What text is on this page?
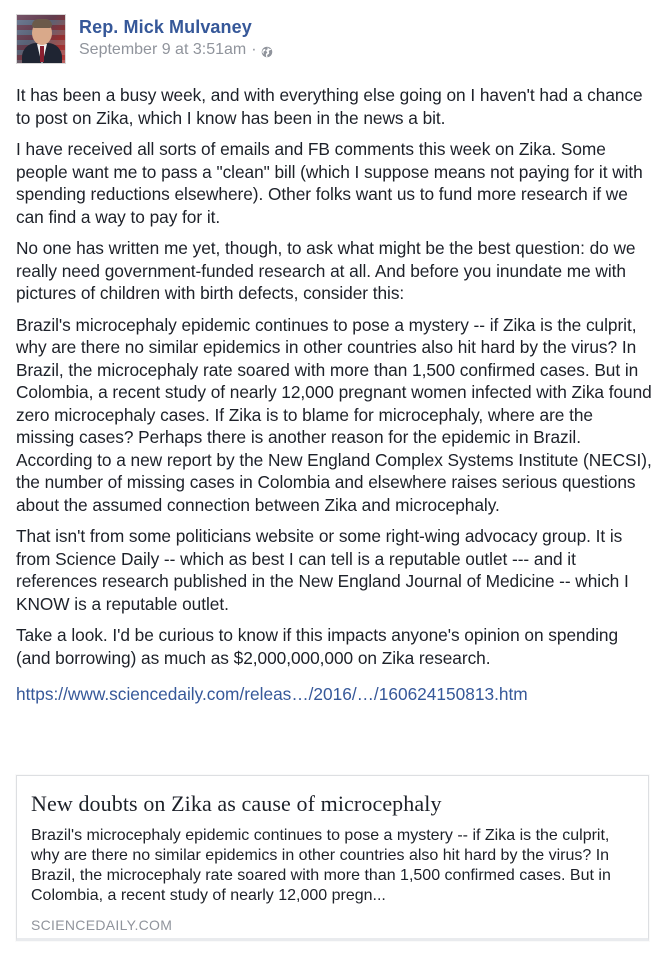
Rep. Mick Mulvaney
September 9 at 3:51am ·

It has been a busy week, and with everything else going on I haven't had a chance to post on Zika, which I know has been in the news a bit.

I have received all sorts of emails and FB comments this week on Zika. Some people want me to pass a "clean" bill (which I suppose means not paying for it with spending reductions elsewhere). Other folks want us to fund more research if we can find a way to pay for it.

No one has written me yet, though, to ask what might be the best question: do we really need government-funded research at all. And before you inundate me with pictures of children with birth defects, consider this:

Brazil's microcephaly epidemic continues to pose a mystery -- if Zika is the culprit, why are there no similar epidemics in other countries also hit hard by the virus? In Brazil, the microcephaly rate soared with more than 1,500 confirmed cases. But in Colombia, a recent study of nearly 12,000 pregnant women infected with Zika found zero microcephaly cases. If Zika is to blame for microcephaly, where are the missing cases? Perhaps there is another reason for the epidemic in Brazil. According to a new report by the New England Complex Systems Institute (NECSI), the number of missing cases in Colombia and elsewhere raises serious questions about the assumed connection between Zika and microcephaly.

That isn't from some politicians website or some right-wing advocacy group. It is from Science Daily -- which as best I can tell is a reputable outlet --- and it references research published in the New England Journal of Medicine -- which I KNOW is a reputable outlet.

Take a look. I'd be curious to know if this impacts anyone's opinion on spending (and borrowing) as much as $2,000,000,000 on Zika research.

https://www.sciencedaily.com/releas…/2016/…/160624150813.htm
New doubts on Zika as cause of microcephaly
Brazil's microcephaly epidemic continues to pose a mystery -- if Zika is the culprit, why are there no similar epidemics in other countries also hit hard by the virus? In Brazil, the microcephaly rate soared with more than 1,500 confirmed cases. But in Colombia, a recent study of nearly 12,000 pregn...
SCIENCEDAILY.COM
